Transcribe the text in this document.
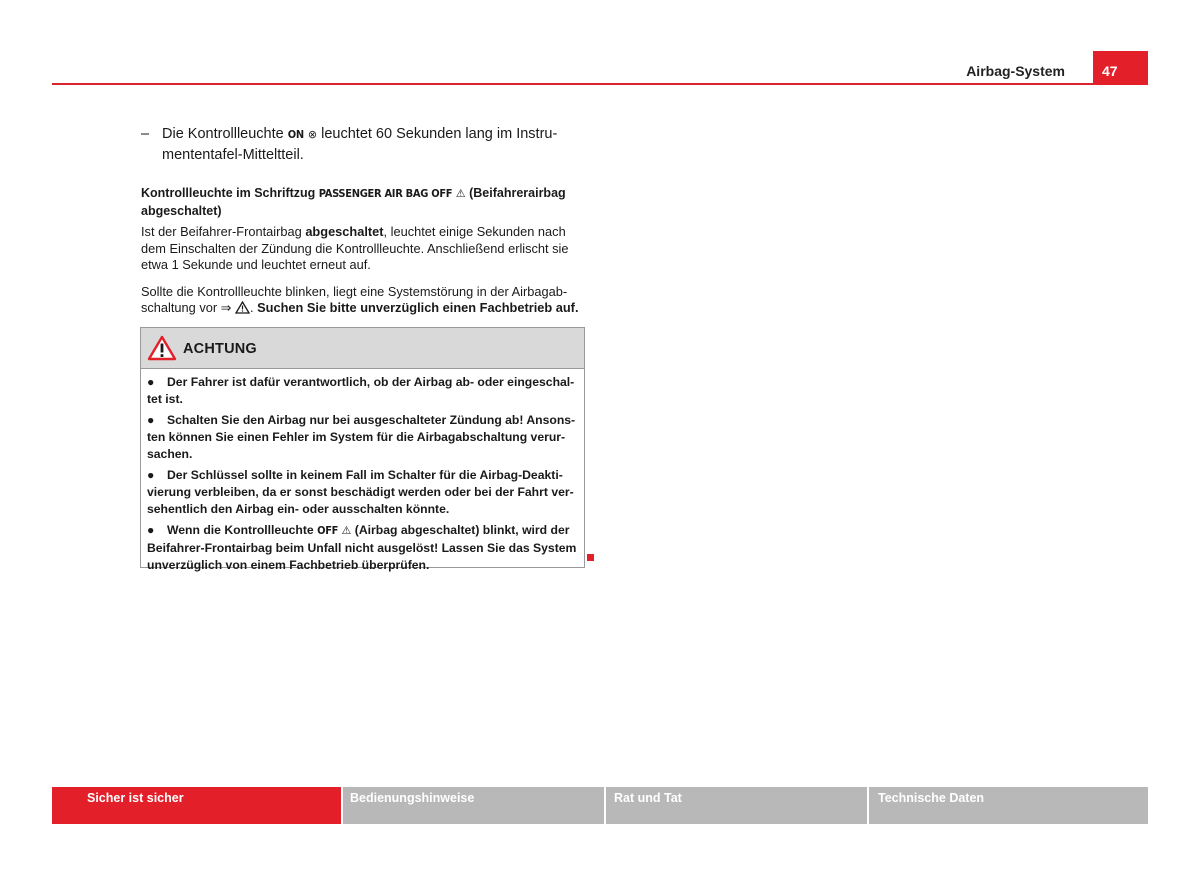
Airbag-System	47

– Die Kontrollleuchte ON ⊗ leuchtet 60 Sekunden lang im Instru- mententafel-Mitteltteil.

Kontrollleuchte im Schriftzug PASSENGER AIR BAG OFF ⚠ (Beifahrerairbag abgeschaltet)

Ist der Beifahrer-Frontairbag abgeschaltet, leuchtet einige Sekunden nach dem Einschalten der Zündung die Kontrollleuchte. Anschließend erlischt sie etwa 1 Sekunde und leuchtet erneut auf.

Sollte die Kontrollleuchte blinken, liegt eine Systemstörung in der Airbagab- schaltung vor ⇒ . Suchen Sie bitte unverzüglich einen Fachbetrieb auf.

ACHTUNG

● Der Fahrer ist dafür verantwortlich, ob der Airbag ab- oder eingeschal- tet ist.

● Schalten Sie den Airbag nur bei ausgeschalteter Zündung ab! Ansons- ten können Sie einen Fehler im System für die Airbagabschaltung verur- sachen.

● Der Schlüssel sollte in keinem Fall im Schalter für die Airbag-Deakti- vierung verbleiben, da er sonst beschädigt werden oder bei der Fahrt ver- sehentlich den Airbag ein- oder ausschalten könnte.

● Wenn die Kontrollleuchte OFF ⚠ (Airbag abgeschaltet) blinkt, wird der Beifahrer-Frontairbag beim Unfall nicht ausgelöst! Lassen Sie das System unverzüglich von einem Fachbetrieb überprüfen.

Sicher ist sicher	Bedienungshinweise	Rat und Tat	Technische Daten
